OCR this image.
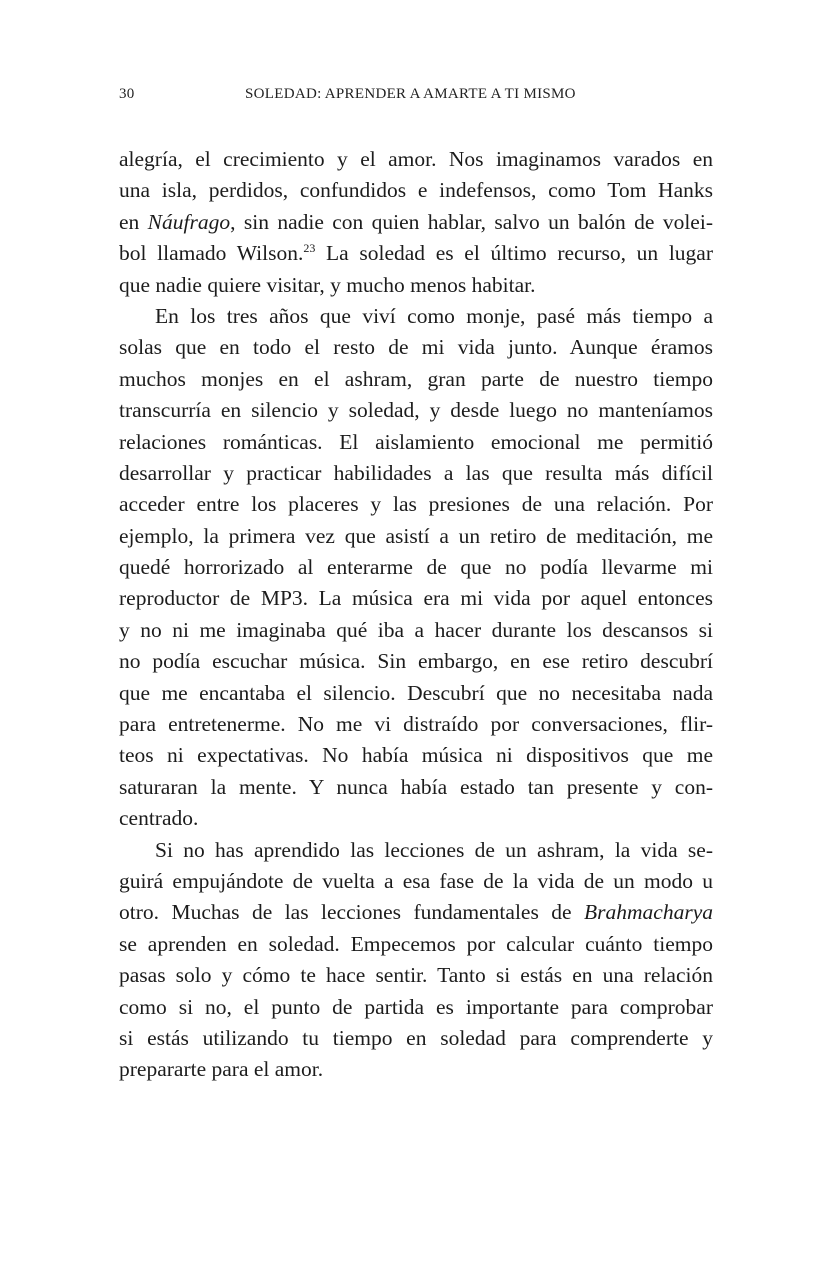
30	SOLEDAD: APRENDER A AMARTE A TI MISMO
alegría, el crecimiento y el amor. Nos imaginamos varados en
una isla, perdidos, confundidos e indefensos, como Tom Hanks
en Náufrago, sin nadie con quien hablar, salvo un balón de volei-
bol llamado Wilson.$^{23}$ La soledad es el último recurso, un lugar
que nadie quiere visitar, y mucho menos habitar.
En los tres años que viví como monje, pasé más tiempo a
solas que en todo el resto de mi vida junto. Aunque éramos
muchos monjes en el ashram, gran parte de nuestro tiempo
transcurría en silencio y soledad, y desde luego no manteníamos
relaciones románticas. El aislamiento emocional me permitió
desarrollar y practicar habilidades a las que resulta más difícil
acceder entre los placeres y las presiones de una relación. Por
ejemplo, la primera vez que asistí a un retiro de meditación, me
quedé horrorizado al enterarme de que no podía llevarme mi
reproductor de MP3. La música era mi vida por aquel entonces
y no ni me imaginaba qué iba a hacer durante los descansos si
no podía escuchar música. Sin embargo, en ese retiro descubrí
que me encantaba el silencio. Descubrí que no necesitaba nada
para entretenerme. No me vi distraído por conversaciones, flir-
teos ni expectativas. No había música ni dispositivos que me
saturaran la mente. Y nunca había estado tan presente y con-
centrado.
Si no has aprendido las lecciones de un ashram, la vida se-
guirá empujándote de vuelta a esa fase de la vida de un modo u
otro. Muchas de las lecciones fundamentales de Brahmacharya
se aprenden en soledad. Empecemos por calcular cuánto tiempo
pasas solo y cómo te hace sentir. Tanto si estás en una relación
como si no, el punto de partida es importante para comprobar
si estás utilizando tu tiempo en soledad para comprenderte y
prepararte para el amor.
